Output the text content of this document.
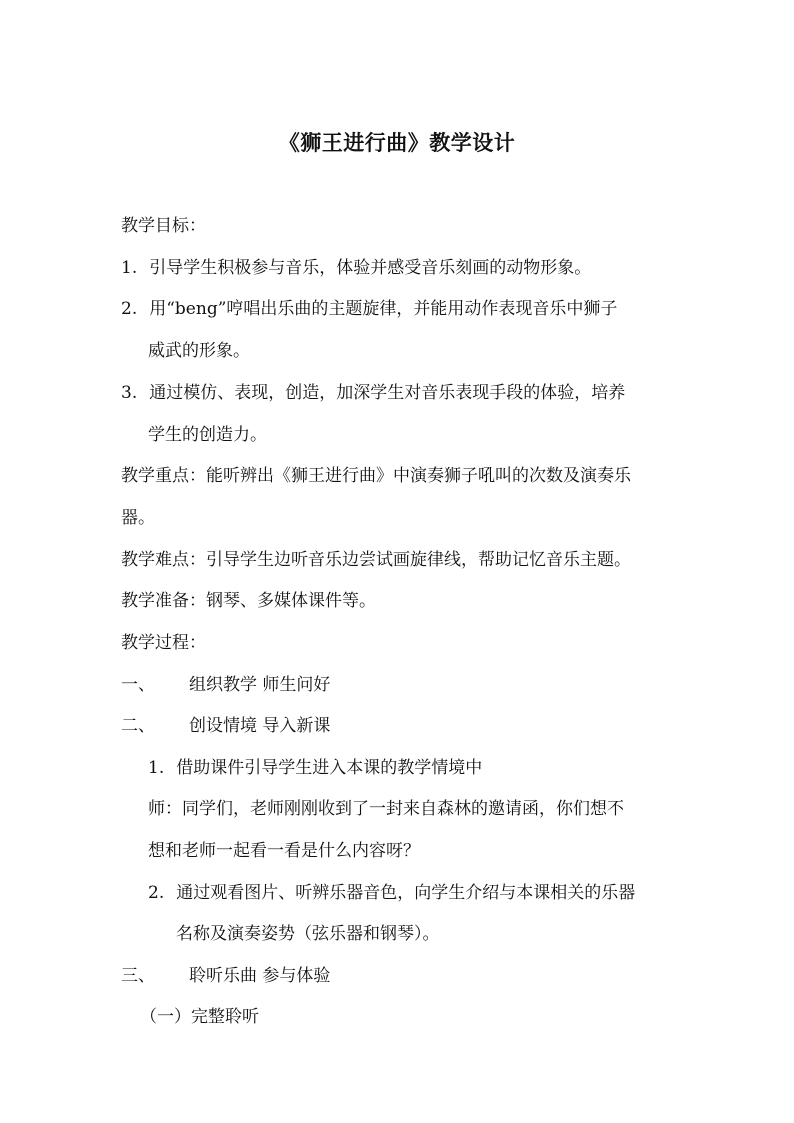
《狮王进行曲》教学设计
教学目标：
1. 引导学生积极参与音乐，体验并感受音乐刻画的动物形象。
2. 用“beng”哼唱出乐曲的主题旋律，并能用动作表现音乐中狮子
威武的形象。
3. 通过模仿、表现，创造，加深学生对音乐表现手段的体验，培养
学生的创造力。
教学重点：能听辨出《狮王进行曲》中演奏狮子吼叫的次数及演奏乐
器。
教学难点：引导学生边听音乐边尝试画旋律线，帮助记忆音乐主题。
教学准备：钢琴、多媒体课件等。
教学过程：
一、 组织教学 师生问好
二、 创设情境 导入新课
1. 借助课件引导学生进入本课的教学情境中
师：同学们，老师刚刚收到了一封来自森林的邀请函，你们想不
想和老师一起看一看是什么内容呀？
2. 通过观看图片、听辨乐器音色，向学生介绍与本课相关的乐器
名称及演奏姿势（弦乐器和钢琴）。
三、 聆听乐曲 参与体验
（一）完整聆听
